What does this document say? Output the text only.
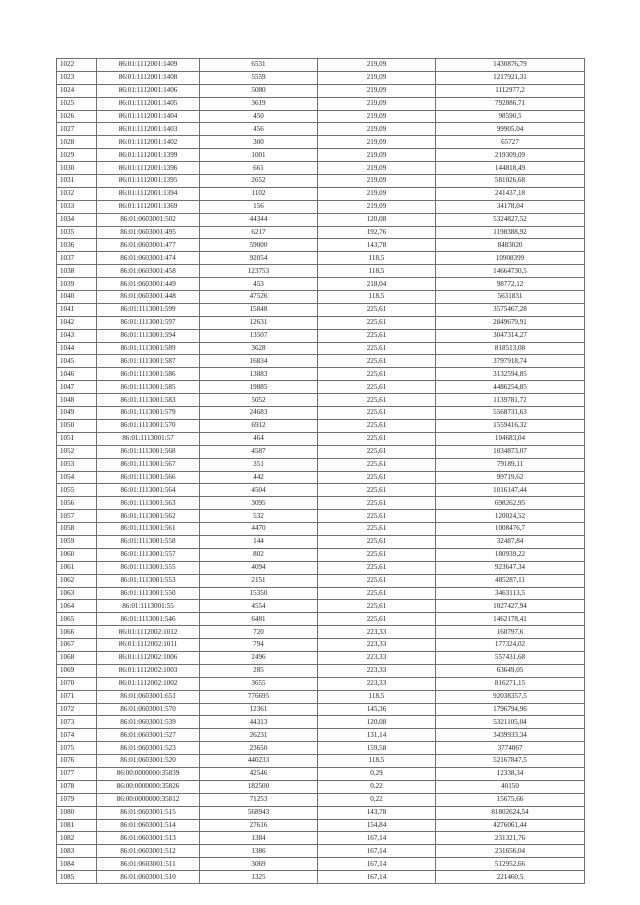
1022	86:01:1112001:1409	6531	219,09	1430876,79
1023	86:01:1112001:1408	5559	219,09	1217921,31
1024	86:01:1112001:1406	5080	219,09	1112977,2
1025	86:01:1112001:1405	3619	219,09	792886,71
1026	86:01:1112001:1404	450	219,09	98590,5
1027	86:01:1112001:1403	456	219,09	99905,04
1028	86:01:1112001:1402	300	219,09	65727
1029	86:01:1112001:1399	1001	219,09	219309,09
1030	86:01:1112001:1396	661	219,09	144818,49
1031	86:01:1112001:1395	2652	219,09	581026,68
1032	86:01:1112001:1394	1102	219,09	241437,18
1033	86:01:1112001:1369	156	219,09	34178,04
1034	86:01:0603001:502	44344	120,08	5324827,52
1035	86:01:0603001:495	6217	192,76	1198388,92
1036	86:01:0603001:477	59000	143,78	8483020
1037	86:01:0603001:474	92054	118,5	10908399
1038	86:01:0603001:458	123753	118,5	14664730,5
1039	86:01:0603001:449	453	218,04	98772,12
1040	86:01:0603001:448	47526	118,5	5631831
1041	86:01:1113001:599	15848	225,61	3575467,28
1042	86:01:1113001:597	12631	225,61	2849679,91
1043	86:01:1113001:594	13507	225,61	3047314,27
1044	86:01:1113001:589	3628	225,61	818513,08
1045	86:01:1113001:587	16834	225,61	3797918,74
1046	86:01:1113001:586	13883	225,61	3132594,85
1047	86:01:1113001:585	19885	225,61	4486254,85
1048	86:01:1113001:583	5052	225,61	1139781,72
1049	86:01:1113001:579	24683	225,61	5568731,63
1050	86:01:1113001:570	6912	225,61	1559416,32
1051	86:01:1113001:57	464	225,61	104683,04
1052	86:01:1113001:568	4587	225,61	1034873,07
1053	86:01:1113001:567	351	225,61	79189,11
1054	86:01:1113001:566	442	225,61	99719,62
1055	86:01:1113001:564	4504	225,61	1016147,44
1056	86:01:1113001:563	3095	225,61	698262,95
1057	86:01:1113001:562	532	225,61	120024,52
1058	86:01:1113001:561	4470	225,61	1008476,7
1059	86:01:1113001:558	144	225,61	32487,84
1060	86:01:1113001:557	802	225,61	180939,22
1061	86:01:1113001:555	4094	225,61	923647,34
1062	86:01:1113001:553	2151	225,61	485287,11
1063	86:01:1113001:550	15350	225,61	3463113,5
1064	86:01:1113001:55	4554	225,61	1027427,94
1065	86:01:1113001:546	6481	225,61	1462178,41
1066	86:01:1112002:1012	720	223,33	160797,6
1067	86:01:1112002:1011	794	223,33	177324,02
1068	86:01:1112002:1006	2496	223,33	557431,68
1069	86:01:1112002:1003	285	223,33	63649,05
1070	86:01:1112002:1002	3655	223,33	816271,15
1071	86:01:0603001:651	776695	118,5	92038357,5
1072	86:01:0603001:570	12361	145,36	1796794,96
1073	86:01:0603001:539	44313	120,08	5321105,04
1074	86:01:0603001:527	26231	131,14	3439933,34
1075	86:01:0603001:523	23650	159,58	3774067
1076	86:01:0603001:520	440233	118,5	52167847,5
1077	86:00:0000000:35839	42546	0,29	12338,34
1078	86:00:0000000:35826	182500	0,22	40150
1079	86:00:0000000:35812	71253	0,22	15675,66
1080	86:01:0603001:515	568943	143,78	81802624,54
1081	86:01:0603001:514	27616	154,84	4276061,44
1082	86:01:0603001:513	1384	167,14	231321,76
1083	86:01:0603001:512	1386	167,14	231656,04
1084	86:01:0603001:511	3069	167,14	512952,66
1085	86:01:0603001:510	1325	167,14	221460,5
